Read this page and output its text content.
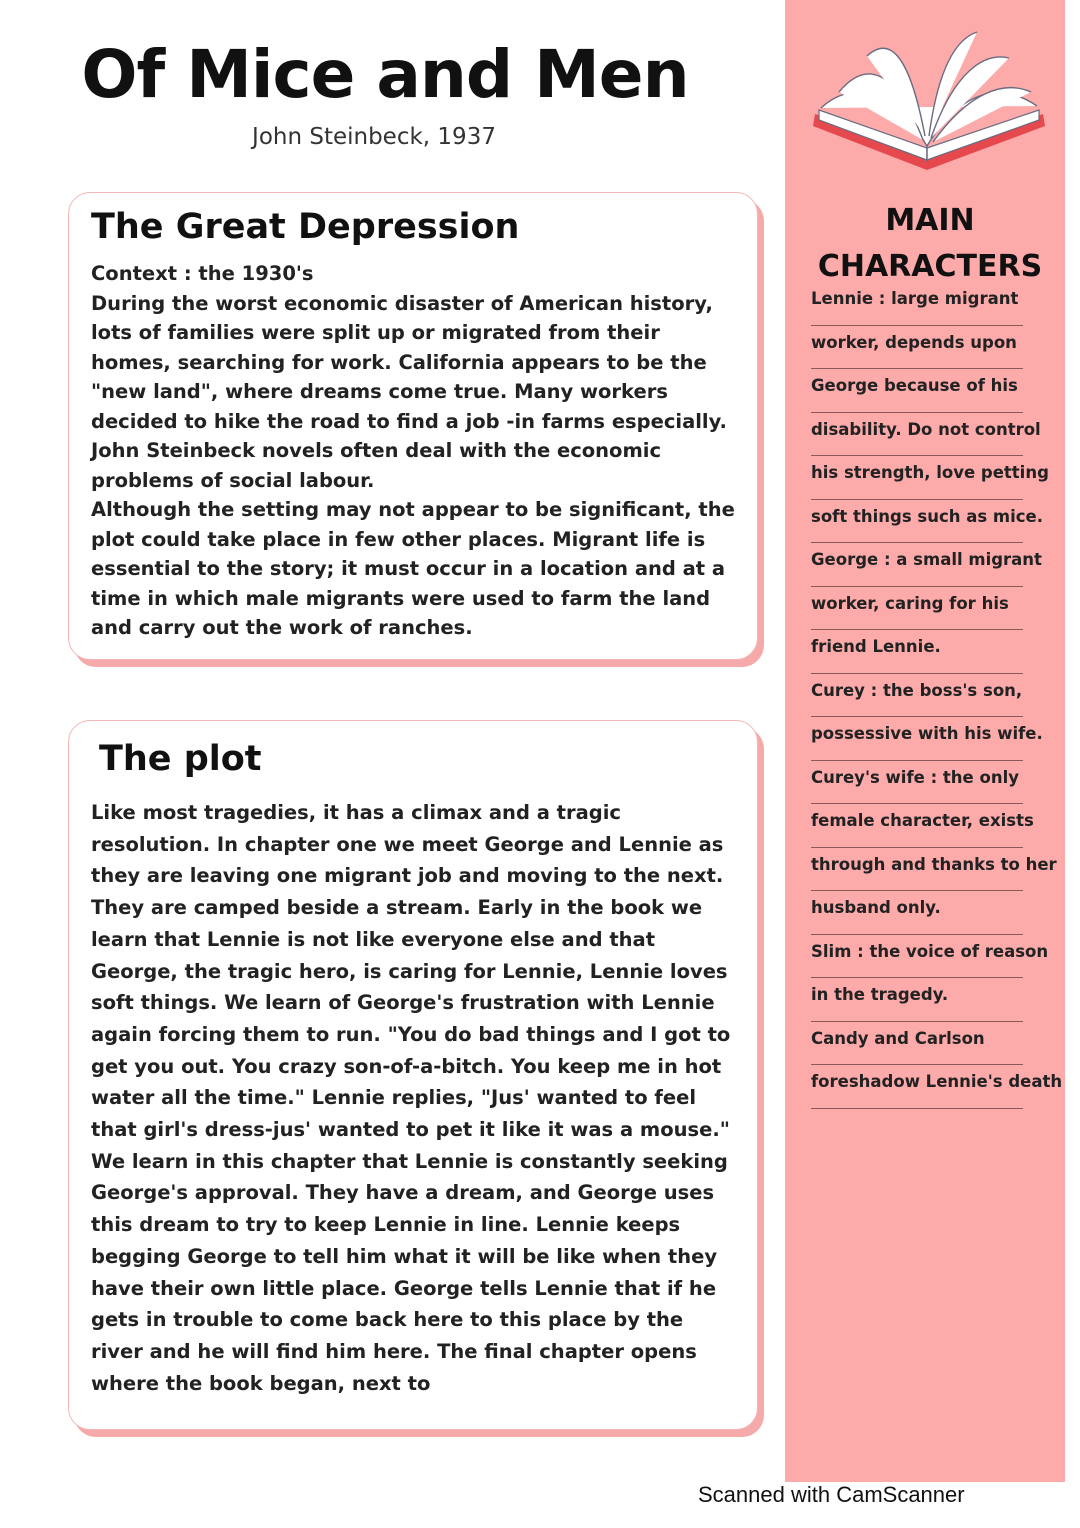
Of Mice and Men
John Steinbeck, 1937
The Great Depression

Context : the 1930's

During the worst economic disaster of American history, lots of families were split up or migrated from their homes, searching for work. California appears to be the "new land", where dreams come true. Many workers decided to hike the road to find a job -in farms especially.

John Steinbeck novels often deal with the economic problems of social labour.

Although the setting may not appear to be significant, the plot could take place in few other places. Migrant life is essential to the story; it must occur in a location and at a time in which male migrants were used to farm the land and carry out the work of ranches.

The plot

Like most tragedies, it has a climax and a tragic resolution. In chapter one we meet George and Lennie as they are leaving one migrant job and moving to the next. They are camped beside a stream. Early in the book we learn that Lennie is not like everyone else and that George, the tragic hero, is caring for Lennie, Lennie loves soft things. We learn of George's frustration with Lennie again forcing them to run. "You do bad things and I got to get you out. You crazy son-of-a-bitch. You keep me in hot water all the time." Lennie replies, "Jus' wanted to feel that girl's dress-jus' wanted to pet it like it was a mouse." We learn in this chapter that Lennie is constantly seeking George's approval. They have a dream, and George uses this dream to try to keep Lennie in line. Lennie keeps begging George to tell him what it will be like when they have their own little place. George tells Lennie that if he gets in trouble to come back here to this place by the river and he will find him here. The final chapter opens where the book began, next to

MAIN CHARACTERS
Lennie : large migrant
worker, depends upon
George because of his
disability. Do not control
his strength, love petting
soft things such as mice.
George : a small migrant
worker, caring for his
friend Lennie.
Curey : the boss's son,
possessive with his wife.
Curey's wife : the only
female character, exists
through and thanks to her
husband only.
Slim : the voice of reason
in the tragedy.
Candy and Carlson
foreshadow Lennie's death
Scanned with CamScanner
